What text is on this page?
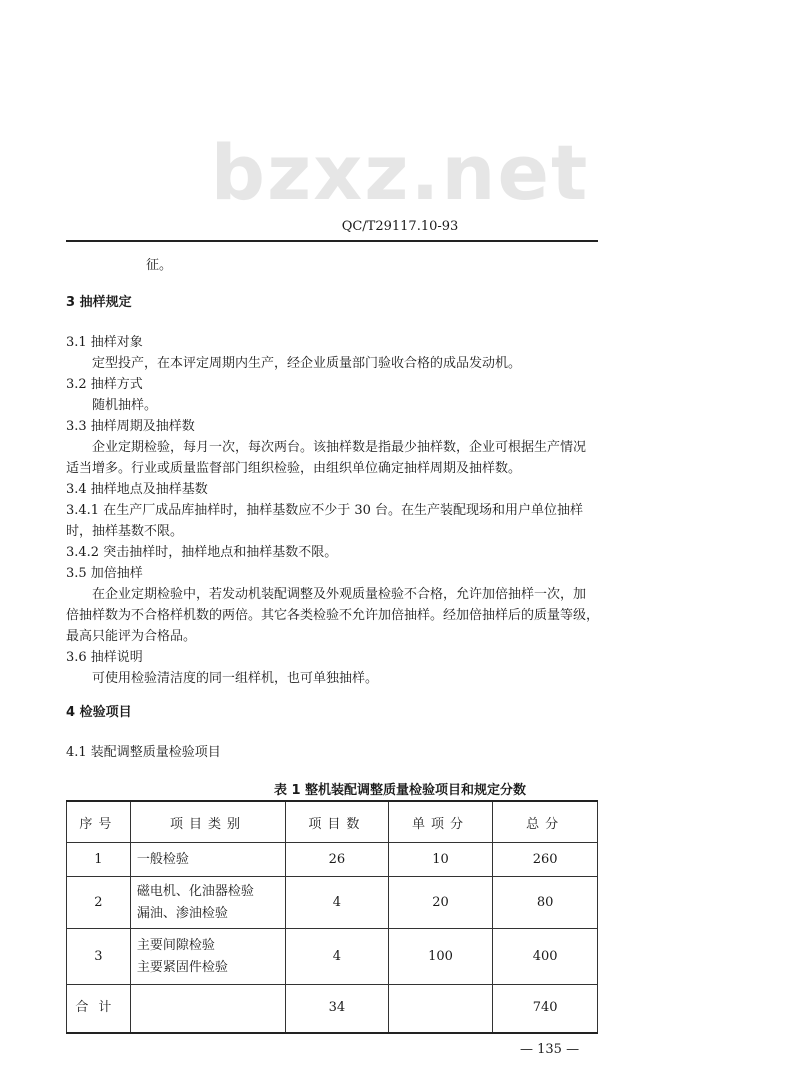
bzxz.net
QC/T29117.10-93
征。
3 抽样规定
3.1 抽样对象
定型投产，在本评定周期内生产，经企业质量部门验收合格的成品发动机。
3.2 抽样方式
随机抽样。
3.3 抽样周期及抽样数
企业定期检验，每月一次，每次两台。该抽样数是指最少抽样数，企业可根据生产情况
适当增多。行业或质量监督部门组织检验，由组织单位确定抽样周期及抽样数。
3.4 抽样地点及抽样基数
3.4.1 在生产厂成品库抽样时，抽样基数应不少于 30 台。在生产装配现场和用户单位抽样
时，抽样基数不限。
3.4.2 突击抽样时，抽样地点和抽样基数不限。
3.5 加倍抽样
在企业定期检验中，若发动机装配调整及外观质量检验不合格，允许加倍抽样一次，加
倍抽样数为不合格样机数的两倍。其它各类检验不允许加倍抽样。经加倍抽样后的质量等级，
最高只能评为合格品。
3.6 抽样说明
可使用检验清洁度的同一组样机，也可单独抽样。
4 检验项目
4.1 装配调整质量检验项目
表 1 整机装配调整质量检验项目和规定分数
序号	项目类别	项目数	单项分	总分
1	一般检验	26	10	260
2	磁电机、化油器检验
漏油、渗油检验	4	20	80
3	主要间隙检验
主要紧固件检验	4	100	400
合计		34		740
— 135 —
